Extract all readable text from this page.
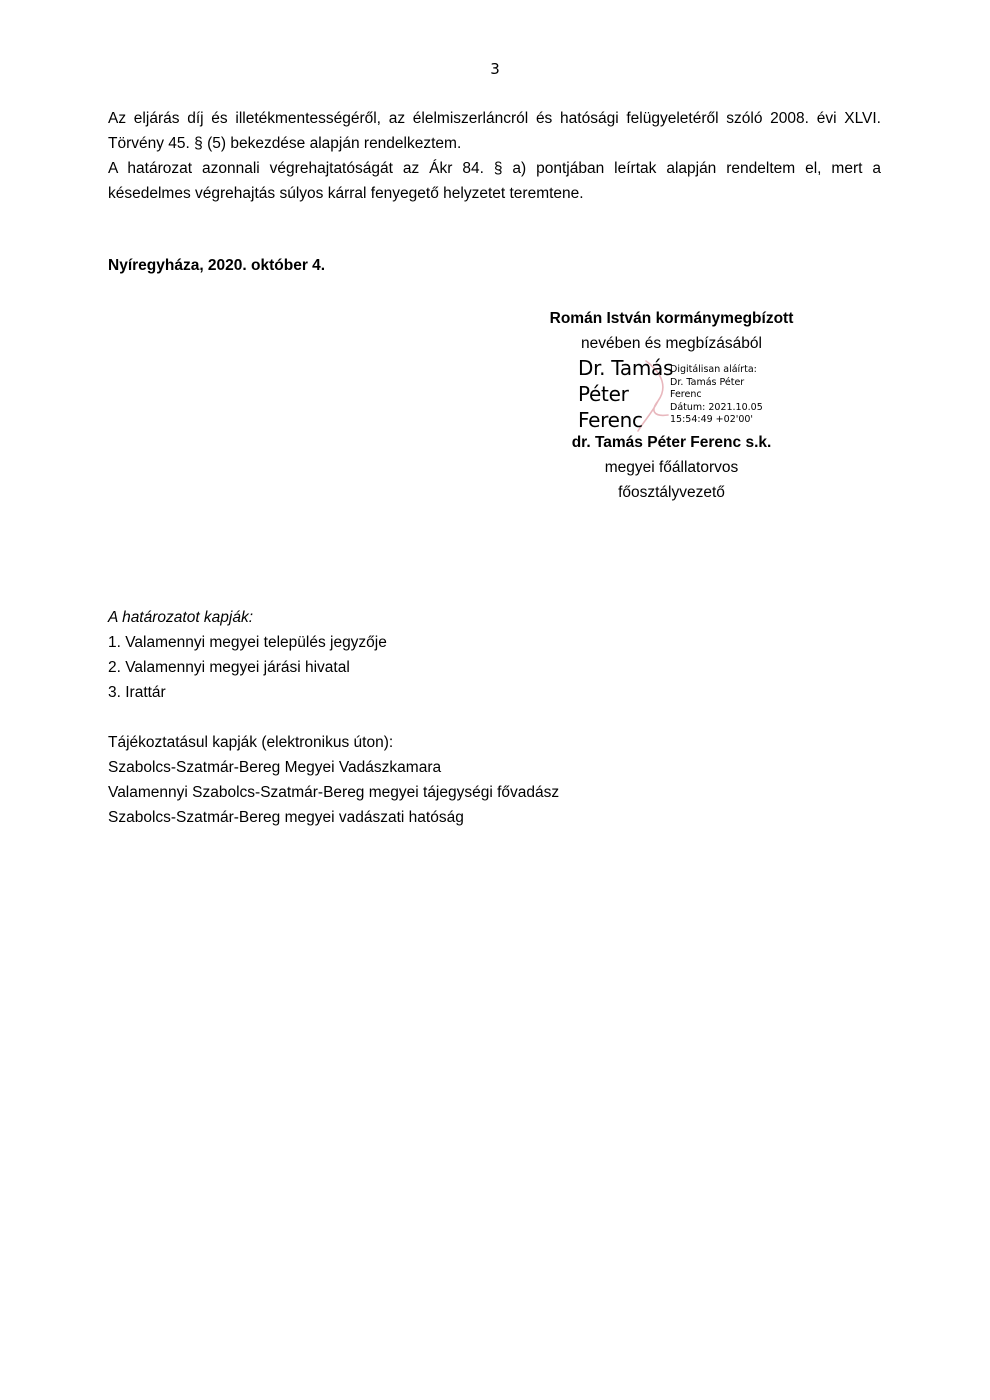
3

Az eljárás díj és illetékmentességéről, az élelmiszerláncról és hatósági felügyeletéről szóló 2008. évi XLVI. Törvény 45. § (5) bekezdése alapján rendelkeztem.

A határozat azonnali végrehajtatóságát az Ákr 84. § a) pontjában leírtak alapján rendeltem el, mert a késedelmes végrehajtás súlyos kárral fenyegető helyzetet teremtene.

Nyíregyháza, 2020. október 4.

Román István kormánymegbízott
nevében és megbízásából
Dr. Tamás
Péter
Ferenc
Digitálisan aláírta:
Dr. Tamás Péter
Ferenc
Dátum: 2021.10.05
15:54:49 +02'00'
dr. Tamás Péter Ferenc s.k.
megyei főállatorvos
főosztályvezető
A határozatot kapják:
1. Valamennyi megyei település jegyzője
2. Valamennyi megyei járási hivatal
3. Irattár
Tájékoztatásul kapják (elektronikus úton):
Szabolcs-Szatmár-Bereg Megyei Vadászkamara
Valamennyi Szabolcs-Szatmár-Bereg megyei tájegységi fővadász
Szabolcs-Szatmár-Bereg megyei vadászati hatóság
